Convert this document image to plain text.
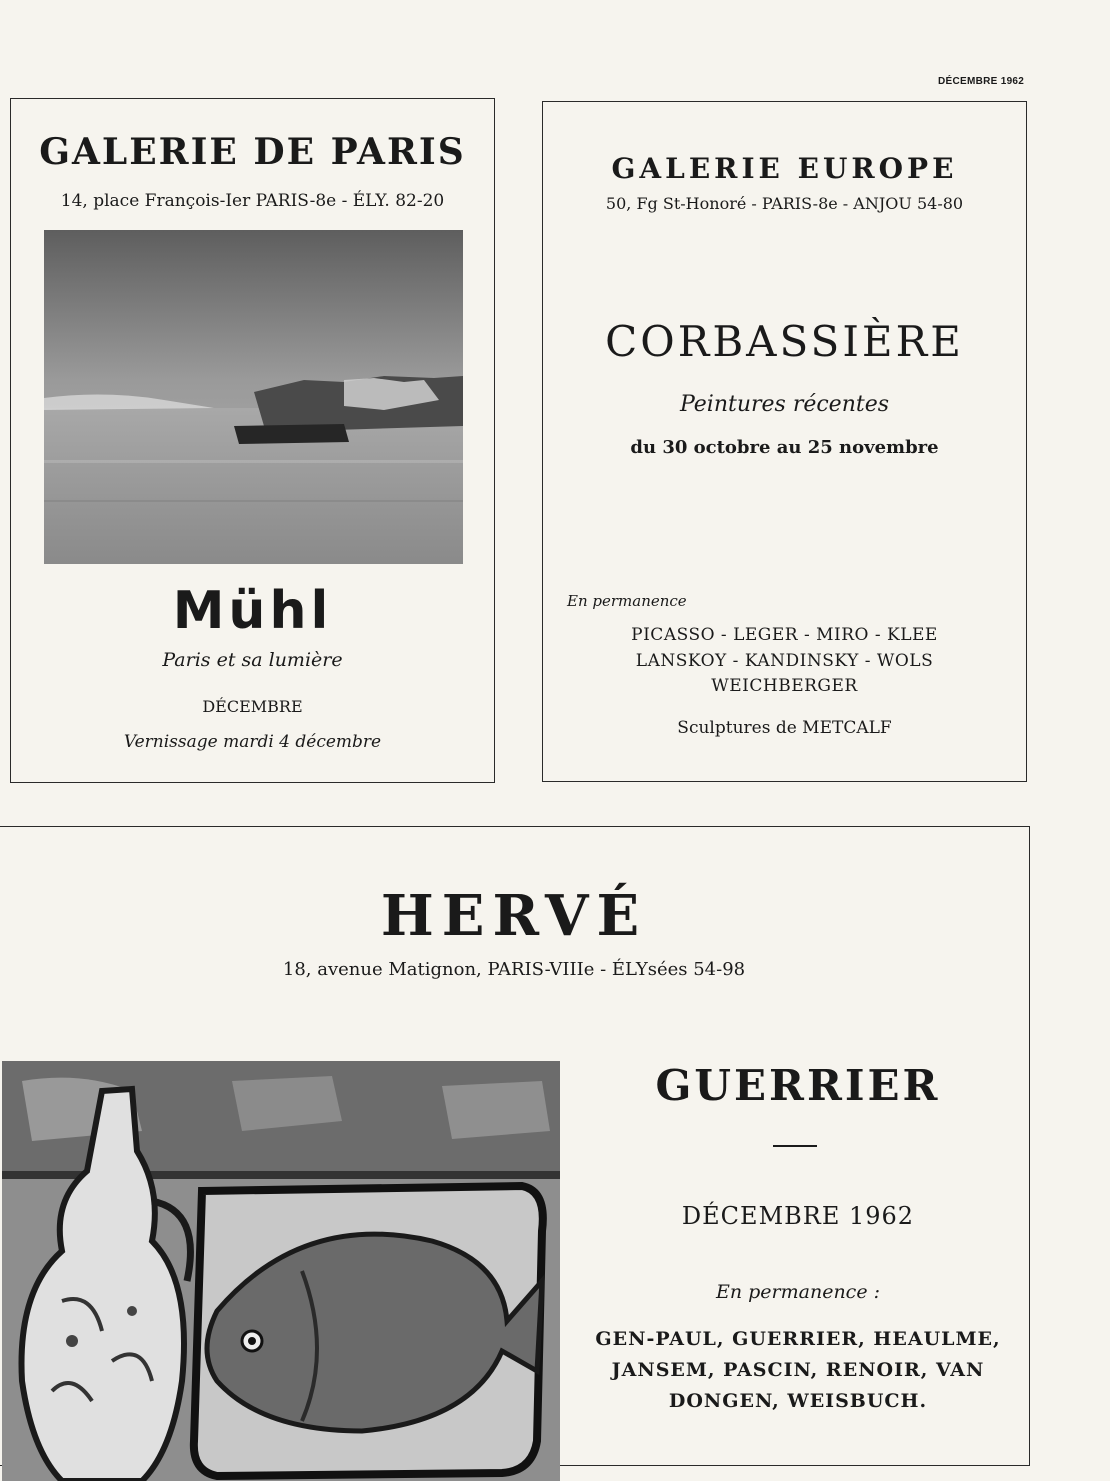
DÉCEMBRE 1962
GALERIE DE PARIS
14, place François-Ier PARIS-8e - ÉLY. 82-20
Mühl
Paris et sa lumière
DÉCEMBRE
Vernissage mardi 4 décembre
GALERIE EUROPE
50, Fg St-Honoré - PARIS-8e - ANJOU 54-80
CORBASSIÈRE
Peintures récentes
du 30 octobre au 25 novembre
En permanence
PICASSO - LEGER - MIRO - KLEE
LANSKOY - KANDINSKY - WOLS
WEICHBERGER
Sculptures de METCALF
HERVÉ
18, avenue Matignon, PARIS-VIIIe - ÉLYsées 54-98
GUERRIER
DÉCEMBRE 1962
En permanence :
GEN-PAUL, GUERRIER, HEAULME,
JANSEM, PASCIN, RENOIR, VAN
DONGEN, WEISBUCH.
